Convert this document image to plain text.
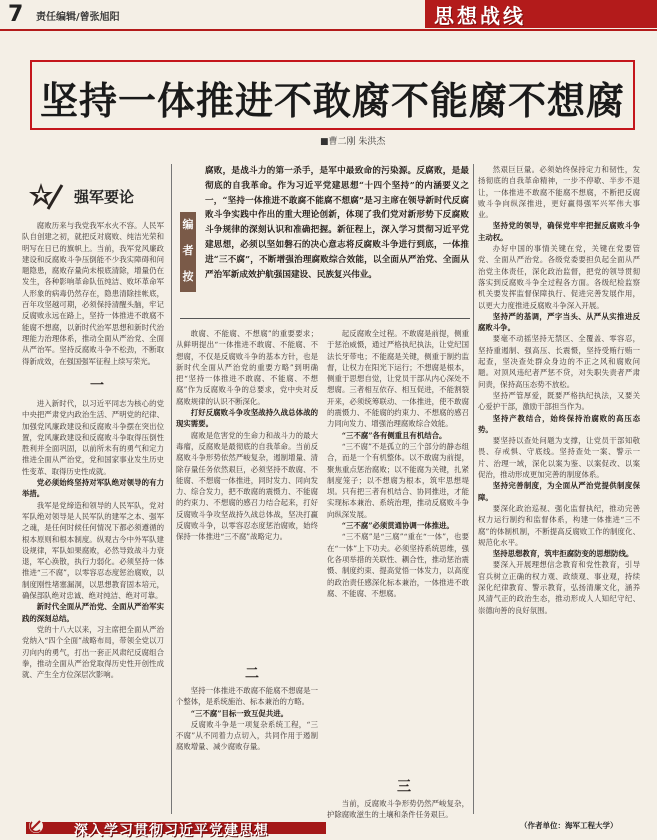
7 责任编辑/曾张旭阳	思想战线
坚持一体推进不敢腐不能腐不想腐
■曹二刚 朱洪杰
强军要论
编
者
按
腐败，是战斗力的第一杀手，是军中最致命的污染源。反腐败，是最彻底的自我革命。作为习近平党建思想“十四个坚持”的内涵要义之一，“坚持一体推进不敢腐不能腐不想腐”是习主席在领导新时代反腐败斗争实践中作出的重大理论创新，体现了我们党对新形势下反腐败斗争规律的深刻认识和准确把握。新征程上，深入学习贯彻习近平党建思想，必须以坚如磐石的决心意志将反腐败斗争进行到底，一体推进“三不腐”，不断增强治理腐败综合效能，以全面从严治党、全面从严治军新成效护航强国建设、民族复兴伟业。

腐败历来与我党我军水火不容。人民军队自创建之初，就把反对腐败、纯洁光荣和明写在日已的旗帜上。当前，我军党风廉政建设和反腐败斗争压倒能不少我实障碍和问题隐患，腐败存量尚未根底清除，增量仍在发生，各种影响革命队伍纯洁、败坏革命军人形象的病毒仍然存在，隐患清除挂帐底，百年攻坚越可期，必须保持清醒头脑，牢记反腐败永远在路上，坚持一体推进不敢腐不能腐不想腐，以新时代治军思想和新时代治理能力治理体系，推动全面从严治党、全面从严治军。坚持反腐败斗争不松劲，不断取得新成效，在强国强军征程上续写荣光。

一

进入新时代，以习近平同志为核心的党中央把严肃党内政治生活、严明党的纪律、加强党风廉政建设和反腐败斗争摆在突出位置，党风廉政建设和反腐败斗争取得压倒性胜利并全面巩固，以前所未有的勇气和定力推进全面从严治党，党和国家事业发生历史性变革、取得历史性成就。

党必须始终坚持对军队绝对领导的有力举措。

我军是党缔造和领导的人民军队，党对军队绝对领导是人民军队的建军之本、强军之魂，是任何时候任何情况下都必须遵循的根本原则和根本制度。纵观古今中外军队建设规律，军队如果腐败，必然导致战斗力衰退，军心涣散，执行力弱化。必须坚持一体推进“三不腐”，以零容忍态度惩治腐败，以制度刚性堵塞漏洞，以思想教育固本培元，确保部队绝对忠诚、绝对纯洁、绝对可靠。

新时代全面从严治党、全面从严治军实践的深刻总结。

党的十八大以来，习主席把全面从严治党纳入“四个全面”战略布局，带领全党以刀刃向内的勇气，打出一套正风肃纪反腐组合拳，推动全面从严治党取得历史性开创性成就、产生全方位深层次影响。

敢腐、不能腐、不想腐”的重要要求；从鲜明提出“一体推进不敢腐、不能腐、不想腐，不仅是反腐败斗争的基本方针，也是新时代全面从严治党的重要方略”到明确把“坚持一体推进不敢腐、不能腐、不想腐”作为反腐败斗争的总要求，党中央对反腐败规律的认识不断深化。

打好反腐败斗争攻坚战持久战总体战的现实需要。

腐败是危害党的生命力和战斗力的最大毒瘤，反腐败是最彻底的自我革命。当前反腐败斗争形势依然严峻复杂，遏制增量、清除存量任务依然艰巨，必须坚持不敢腐、不能腐、不想腐一体推进，同时发力、同向发力、综合发力，把不敢腐的震慑力、不能腐的约束力、不想腐的感召力结合起来，打好反腐败斗争攻坚战持久战总体战，坚决打赢反腐败斗争，以零容忍态度惩治腐败，始终保持一体推进“三不腐”战略定力。

二

坚持一体推进不敢腐不能腐不想腐是一个整体，是系统施治、标本兼治的方略。

“三不腐”目标一致互促共进。

反腐败斗争是一项复杂系统工程，“三不腐”从不同着力点切入，共同作用于遏制腐败增量、减少腐败存量。

起反腐败全过程。不敢腐是前提，侧重于惩治威慑，通过严格执纪执法，让党纪国法长牙带电；不能腐是关键，侧重于制约监督，让权力在阳光下运行；不想腐是根本，侧重于思想自觉，让党员干部从内心深处不想腐。三者相互依存、相互促进，不能割裂开来，必须统筹联动、一体推进，使不敢腐的震慑力、不能腐的约束力、不想腐的感召力同向发力、增强治理腐败综合效能。

“三不腐”各有侧重且有机结合。

“三不腐”不是孤立的三个部分的静态组合，而是一个有机整体。以不敢腐为前提，聚焦重点惩治腐败；以不能腐为关键，扎紧制度笼子；以不想腐为根本，筑牢思想堤坝。只有把三者有机结合、协同推进，才能实现标本兼治、系统治理，推动反腐败斗争向纵深发展。

“三不腐”必须贯通协调一体推进。

“三不腐”是“三腐”“重在“一体”，也要在“一体”上下功夫。必须坚持系统思维，强化各项举措的关联性、耦合性，推动惩治震慑、制度约束、提高觉悟一体发力，以高度的政治责任感深化标本兼治，一体推进不敢腐、不能腐、不想腐。

三

当前，反腐败斗争形势仍然严峻复杂，护除腐败滋生的土壤和条件任务艰巨。

然艰巨巨量。必须始终保持定力和韧性，发扬彻底的自我革命精神，一步不停歇、半步不退让，一体推进不敢腐不能腐不想腐，不断把反腐败斗争向纵深推进，更好赢得强军兴军伟大事业。

坚持党的领导，确保党牢牢把握反腐败斗争主动权。

办好中国的事情关键在党，关键在党要管党、全面从严治党。各级党委要担负起全面从严治党主体责任，深化政治监督，把党的领导贯彻落实到反腐败斗争全过程各方面。各级纪检监察机关要发挥监督保障执行、促进完善发展作用，以更大力度推进反腐败斗争深入开展。

坚持严的基调，严字当头、从严从实推进反腐败斗争。

要毫不动摇坚持无禁区、全覆盖、零容忍，坚持重遏制、强高压、长震慑，坚持受贿行贿一起查，坚决查处群众身边的不正之风和腐败问题。对顶风违纪者严惩不贷，对失职失责者严肃问责，保持高压态势不放松。

坚持严管厚爱，既要严格执纪执法，又要关心爱护干部，激励干部担当作为。

坚持产教结合，始终保持治腐败的高压态势。

要坚持以查处问题为支撑，让党员干部知敬畏、存戒惧、守底线。坚持查处一案、警示一片、治理一域，深化以案为鉴、以案促改、以案促治，推动形成更加完善的制度体系。

坚持完善制度，为全面从严治党提供制度保障。

要深化政治巡视、强化监督执纪，推动完善权力运行制约和监督体系，构建一体推进“三不腐”的体制机制，不断提高反腐败工作的制度化、规范化水平。

坚持思想教育，筑牢拒腐防变的思想防线。

要深入开展理想信念教育和党性教育，引导官兵树立正确的权力观、政绩观、事业观，持续深化纪律教育、警示教育，弘扬清廉文化，涵养风清气正的政治生态，推动形成人人知纪守纪、崇德向善的良好氛围。

（作者单位：海军工程大学）
深入学习贯彻习近平党建思想
